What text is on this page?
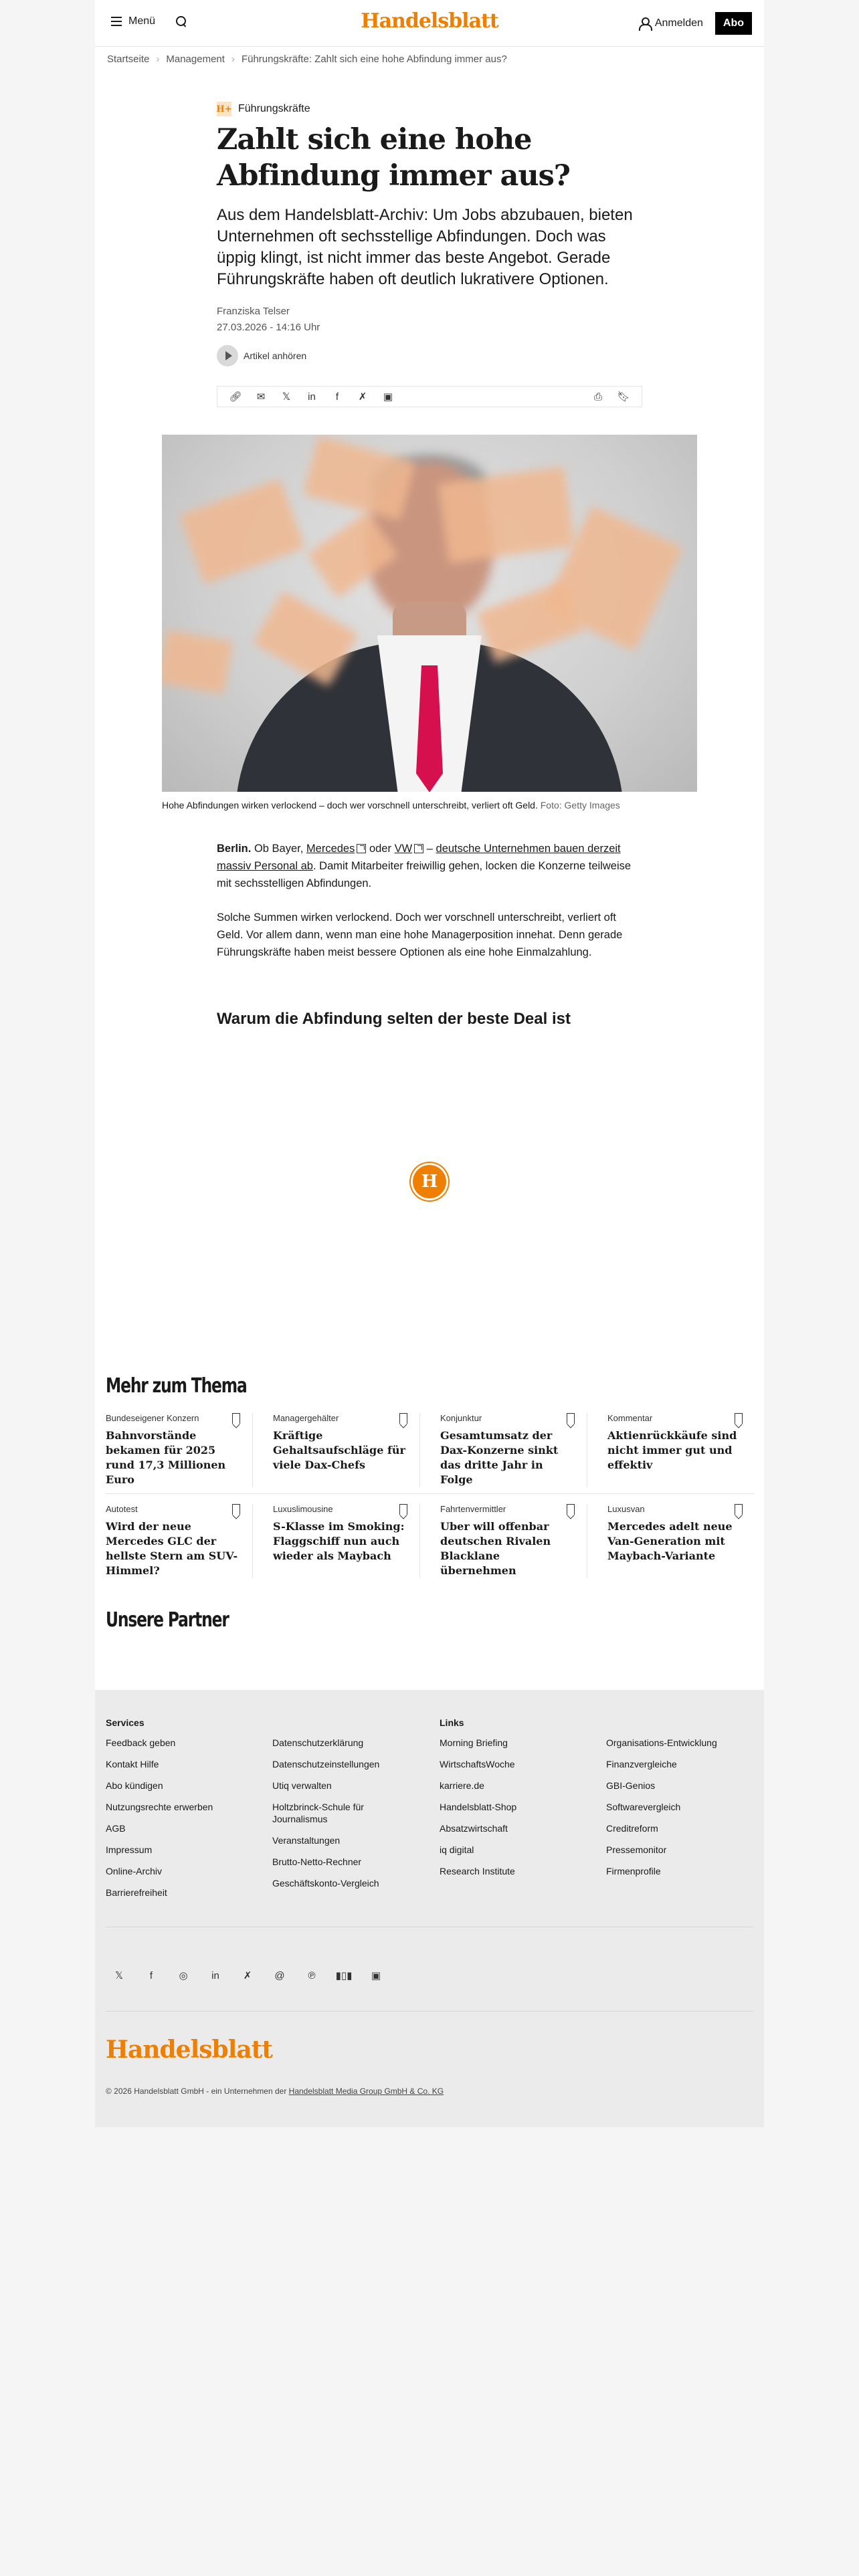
Menü	Handelsblatt	Anmelden	Abo
Startseite › Management › Führungskräfte: Zahlt sich eine hohe Abfindung immer aus?
H+ Führungskräfte
Zahlt sich eine hohe Abfindung immer aus?

Aus dem Handelsblatt-Archiv: Um Jobs abzubauen, bieten Unternehmen oft sechsstellige Abfindungen. Doch was üppig klingt, ist nicht immer das beste Angebot. Gerade Führungskräfte haben oft deutlich lukrativere Optionen.

Franziska Telser
27.03.2026 - 14:16 Uhr
Artikel anhören
🔗︎	✉	𝕏	in	f	✗	▣	⎙	🔖︎
Hohe Abfindungen wirken verlockend – doch wer vorschnell unterschreibt, verliert oft Geld. Foto: Getty Images

Berlin. Ob Bayer, Mercedes oder VW – deutsche Unternehmen bauen derzeit massiv Personal ab. Damit Mitarbeiter freiwillig gehen, locken die Konzerne teilweise mit sechsstelligen Abfindungen.

Solche Summen wirken verlockend. Doch wer vorschnell unterschreibt, verliert oft Geld. Vor allem dann, wenn man eine hohe Managerposition innehat. Denn gerade Führungskräfte haben meist bessere Optionen als eine hohe Einmalzahlung.

Warum die Abfindung selten der beste Deal ist
H
Mehr zum Thema
Bundeseigener Konzern
Bahnvorstände bekamen für 2025 rund 17,3 Millionen Euro
Managergehälter
Kräftige Gehaltsaufschläge für viele Dax-Chefs
Konjunktur
Gesamtumsatz der Dax-Konzerne sinkt das dritte Jahr in Folge
Kommentar
Aktienrückkäufe sind nicht immer gut und effektiv
Autotest
Wird der neue Mercedes GLC der hellste Stern am SUV-Himmel?
Luxuslimousine
S-Klasse im Smoking: Flaggschiff nun auch wieder als Maybach
Fahrtenvermittler
Uber will offenbar deutschen Rivalen Blacklane übernehmen
Luxusvan
Mercedes adelt neue Van-Generation mit Maybach-Variante
Unsere Partner
Services
Feedback geben
Kontakt Hilfe
Abo kündigen
Nutzungsrechte erwerben
AGB
Impressum
Online-Archiv
Barrierefreiheit
Datenschutzerklärung
Datenschutzeinstellungen
Utiq verwalten
Holtzbrinck-Schule für Journalismus
Veranstaltungen
Brutto-Netto-Rechner
Geschäftskonto-Vergleich
Links
Morning Briefing
WirtschaftsWoche
karriere.de
Handelsblatt-Shop
Absatzwirtschaft
iq digital
Research Institute
Organisations-Entwicklung
Finanzvergleiche
GBI-Genios
Softwarevergleich
Creditreform
Pressemonitor
Firmenprofile
𝕏	f	◎	in	✗	@	℗	▮▯▮	▣
Handelsblatt
© 2026 Handelsblatt GmbH - ein Unternehmen der Handelsblatt Media Group GmbH & Co. KG
